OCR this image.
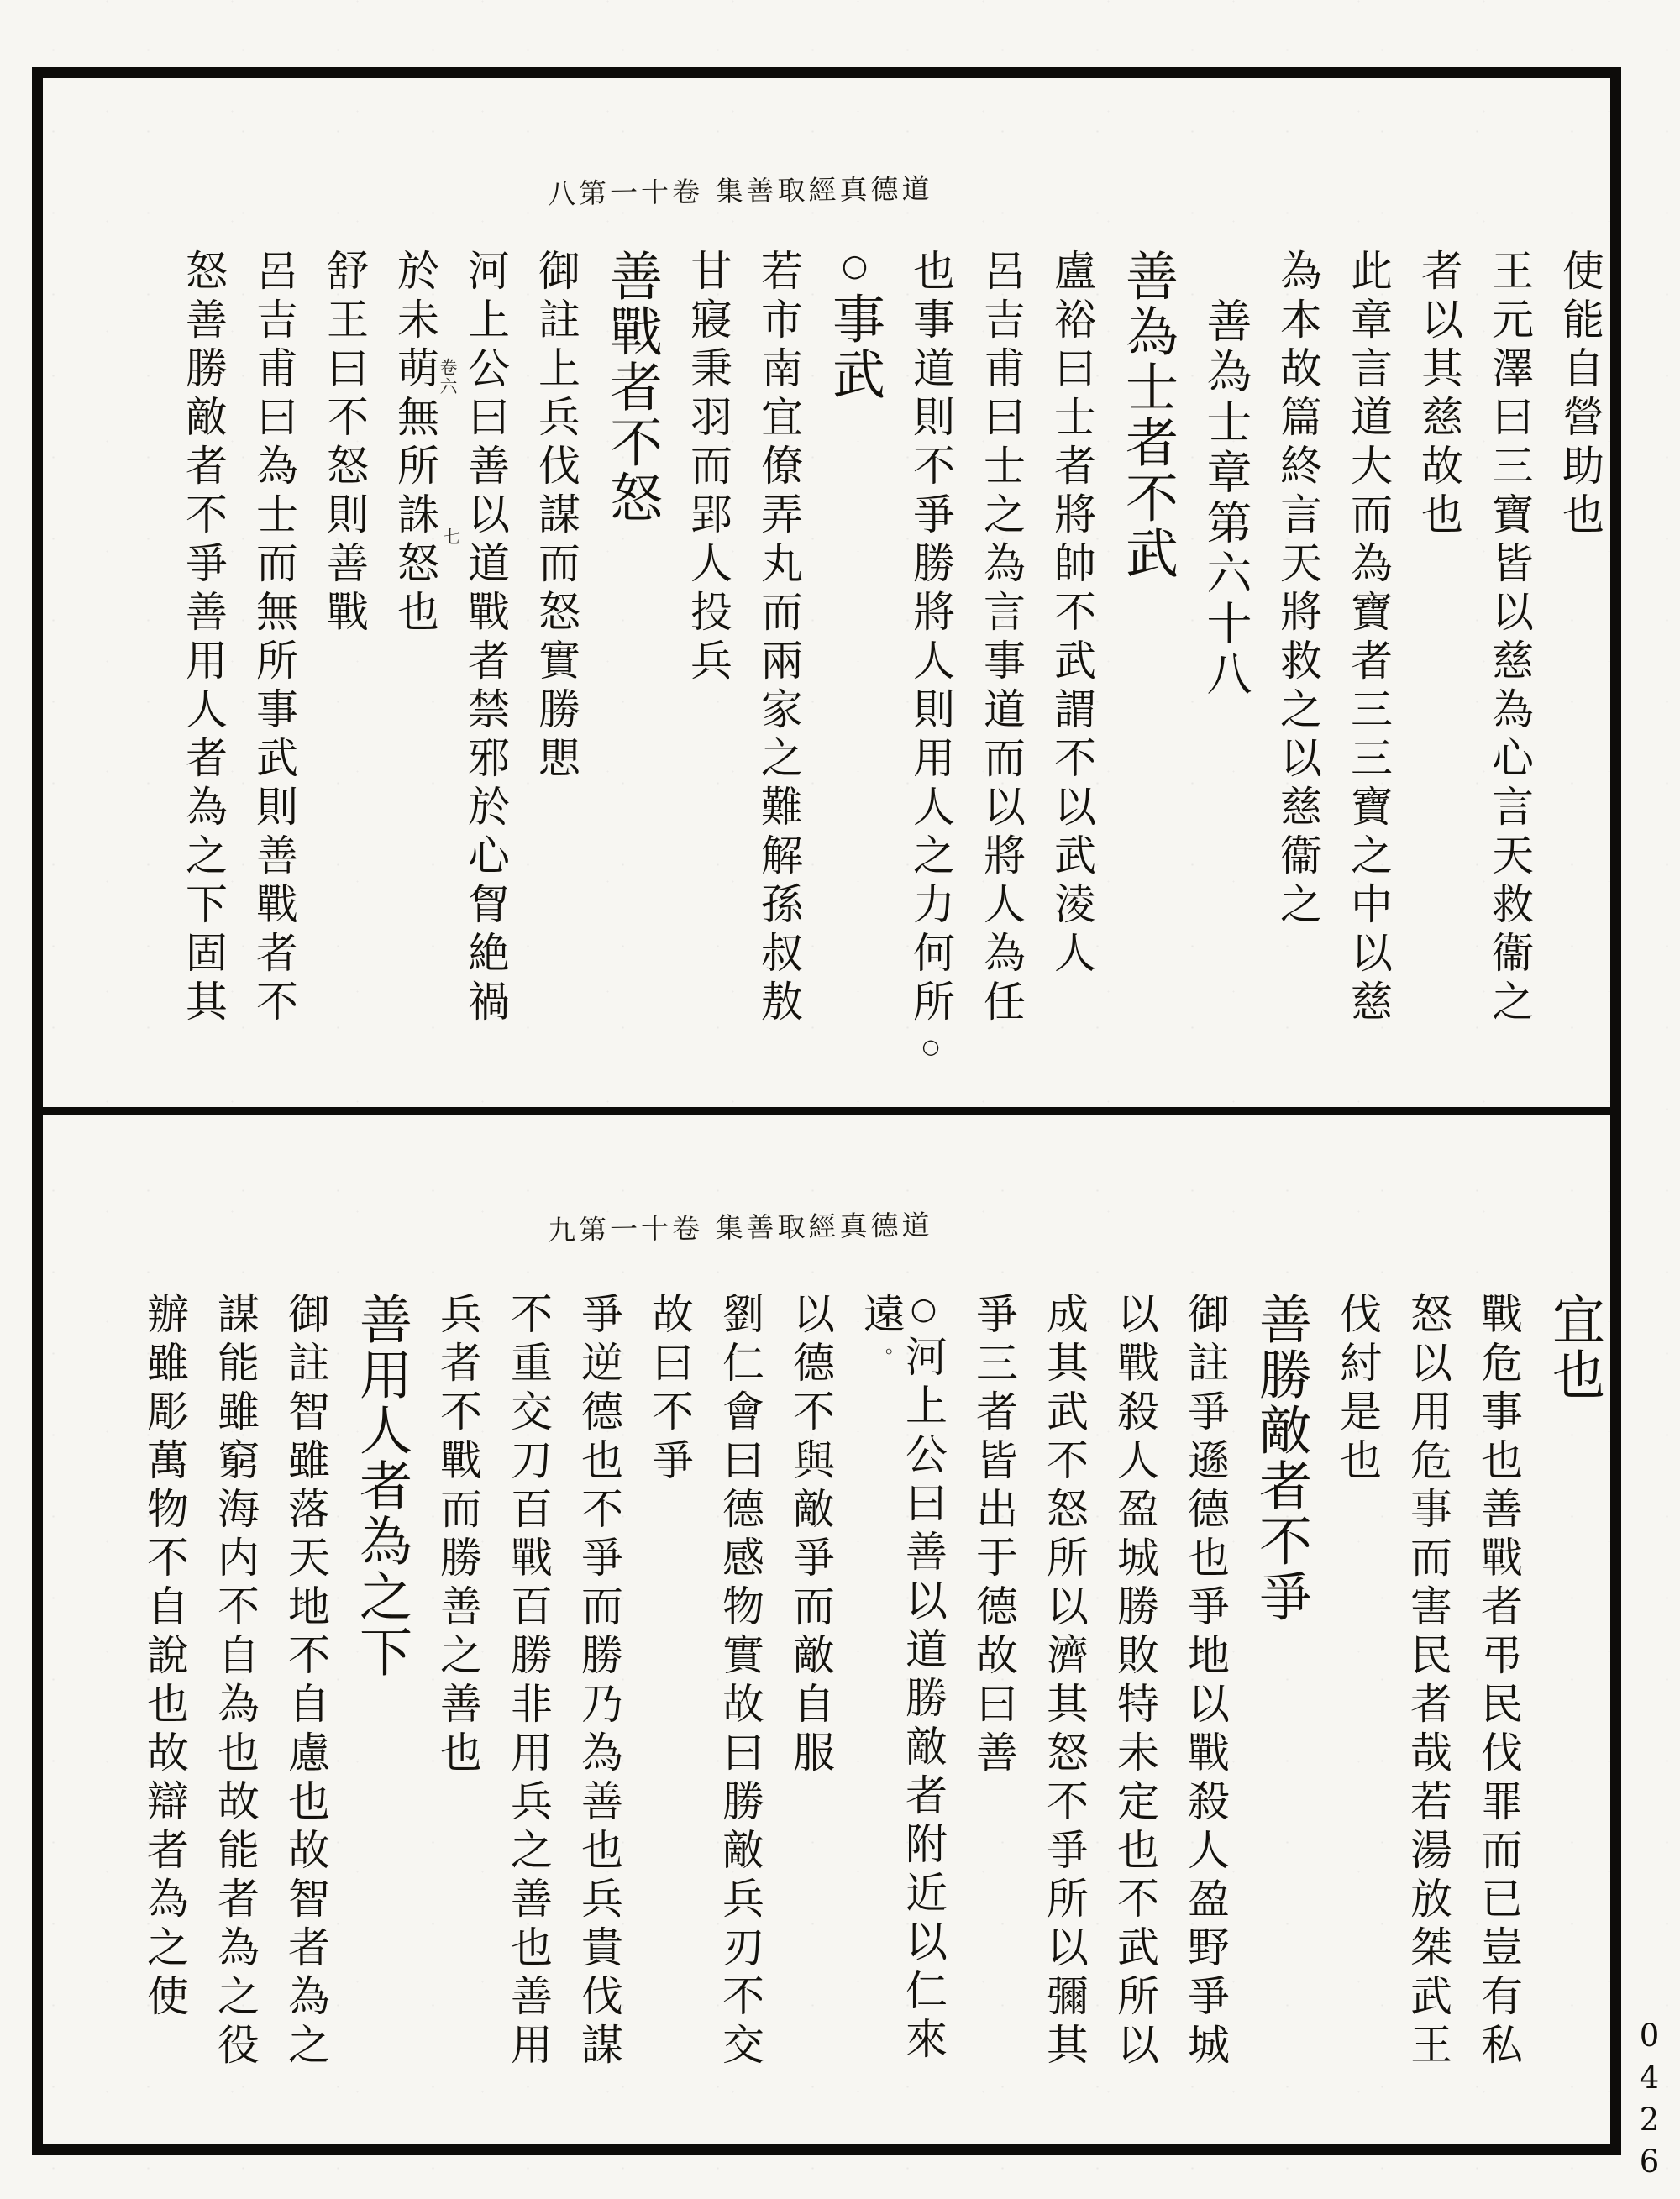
八第一十卷 集善取經真德道
使能自營助也
王元澤曰三寶皆以慈為心言天救衞之
者以其慈故也
此章言道大而為寶者三三寶之中以慈
為本故篇終言天將救之以慈衞之
善為士章第六十八
善為士者不武
盧裕曰士者將帥不武謂不以武淩人
呂吉甫曰士之為言事道而以將人為任
也事道則不爭勝將人則用人之力何所○
○事武
若市南宜僚弄丸而兩家之難解孫叔敖
甘寢秉羽而郢人投兵
善戰者不怒
御註上兵伐謀而怒實勝愳
河上公曰善以道戰者禁邪於心胷絶禍
於未萌無所誅怒也
舒王曰不怒則善戰
呂吉甫曰為士而無所事武則善戰者不
怒善勝敵者不爭善用人者為之下固其
九第一十卷 集善取經真德道
宜也
戰危事也善戰者弔民伐罪而已豈有私
怒以用危事而害民者哉若湯放桀武王
伐紂是也
善勝敵者不爭
御註爭遜德也爭地以戰殺人盈野爭城
以戰殺人盈城勝敗特未定也不武所以
成其武不怒所以濟其怒不爭所以彌其
爭三者皆出于德故曰善
○河上公曰善以道勝敵者附近以仁來遠。
以德不與敵爭而敵自服
劉仁會曰德感物實故曰勝敵兵刃不交
故曰不爭
爭逆德也不爭而勝乃為善也兵貴伐謀
不重交刀百戰百勝非用兵之善也善用
兵者不戰而勝善之善也
善用人者為之下
御註智雖落天地不自慮也故智者為之
謀能雖窮海内不自為也故能者為之役
辦雖彫萬物不自說也故辯者為之使
0426
卷六
七
